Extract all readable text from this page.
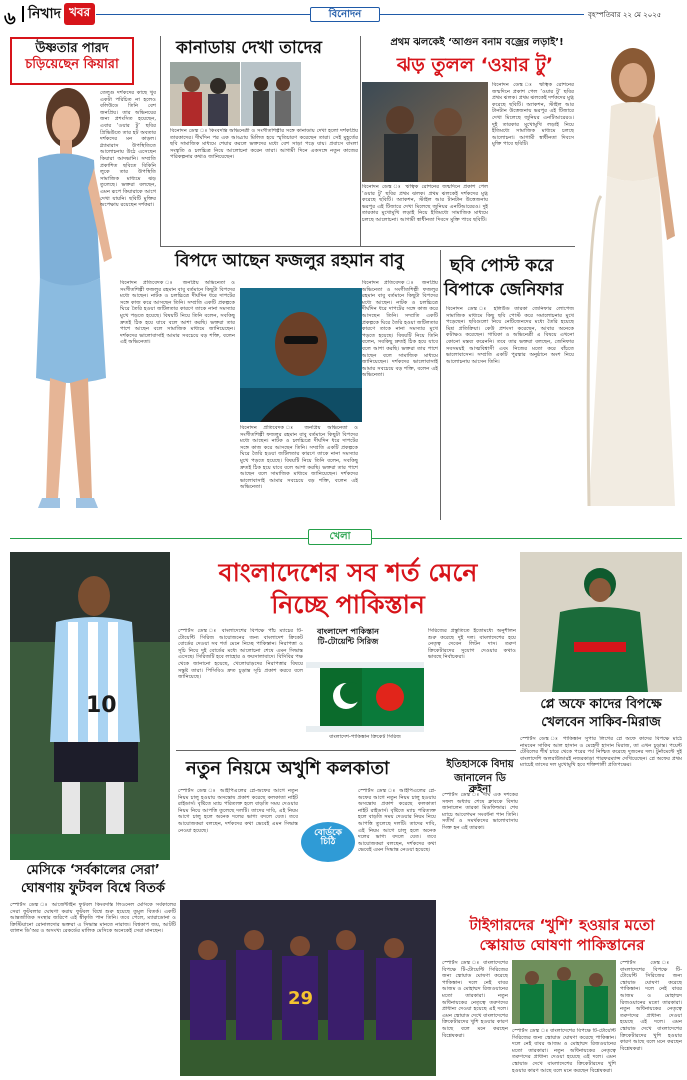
৬ নিখাদ খবর	বিনোদন	বৃহস্পতিবার ২২ মে ২০২৫
উষ্ণতার পারদ
চড়িয়েছেন কিয়ারা
তেলুগু দর্শকদের কাছে খুব একটা পরিচিত না হলেও বলিউডে তিনি বেশ জনপ্রিয়। তার অভিনয়ের জন্য প্রশংসিত হয়েছেন, এবার ‘ওয়ার টু’ ছবির প্রিভিউতে তার হট অবতার দর্শকদের মন কাড়ল। গ্ল্যামারাস উপস্থিতিতে আলোচনায় উঠে এসেছেন কিয়ারা আদভানি। সম্প্রতি প্রকাশিত ছবিতে বিকিনি লুকে তার উপস্থিতি সামাজিক মাধ্যমে ঝড় তুলেছে। ভক্তরা বলছেন, এমন রূপে কিয়ারাকে আগে দেখা যায়নি। ছবিটি মুক্তির অপেক্ষায় রয়েছেন দর্শকরা।
কানাডায় দেখা তাদের
বিনোদন ডেস্ক ঃ কিংবদন্তি অভিনেত্রী ও সংগীতশিল্পীর সঙ্গে কানাডায় দেখা হলো দর্শকপ্রিয় তারকাদের। দীর্ঘদিন পর এক আড্ডায় মিলিত হয়ে স্মৃতিচারণ করেছেন তারা। সেই মুহূর্তের ছবি সামাজিক মাধ্যমে শেয়ার করলে ভক্তদের মধ্যে বেশ সাড়া পড়ে যায়। প্রবাসে বাংলা সংস্কৃতি ও চলচ্চিত্র নিয়ে আলোচনা করেন তারা। আগামী দিনে একসঙ্গে নতুন কাজের পরিকল্পনার কথাও জানিয়েছেন।
প্রথম ঝলকেই ‘আগুন বনাম বজ্রের লড়াই’!
ঝড় তুলল ‘ওয়ার টু’
বিনোদন ডেস্ক ঃ ঋত্বিক রোশনের জন্মদিনে প্রকাশ পেল ‘ওয়ার টু’ ছবির প্রথম ঝলক। প্রথম ঝলকেই দর্শকদের মুগ্ধ করেছে ছবিটি। অ্যাকশন, স্টাইল আর টানটান উত্তেজনায় ভরপুর এই টিজারে দেখা মিলেছে জুনিয়র এনটিআরেরও। দুই তারকার মুখোমুখি লড়াই নিয়ে ইতিমধ্যে সামাজিক মাধ্যমে চলছে আলোচনা। আগামী স্বাধীনতা দিবসে মুক্তি পাবে ছবিটি।
বিনোদন ডেস্ক ঃ ঋত্বিক রোশনের জন্মদিনে প্রকাশ পেল ‘ওয়ার টু’ ছবির প্রথম ঝলক। প্রথম ঝলকেই দর্শকদের মুগ্ধ করেছে ছবিটি। অ্যাকশন, স্টাইল আর টানটান উত্তেজনায় ভরপুর এই টিজারে দেখা মিলেছে জুনিয়র এনটিআরেরও। দুই তারকার মুখোমুখি লড়াই নিয়ে ইতিমধ্যে সামাজিক মাধ্যমে চলছে আলোচনা। আগামী স্বাধীনতা দিবসে মুক্তি পাবে ছবিটি।
বিপদে আছেন ফজলুর রহমান বাবু
বিনোদন প্রতিবেদক ঃ জনপ্রিয় অভিনেতা ও সংগীতশিল্পী ফজলুর রহমান বাবু বর্তমানে কিছুটা বিপদের মধ্যে আছেন। নাটক ও চলচ্চিত্রে দীর্ঘদিন ধরে দাপটের সঙ্গে কাজ করে আসছেন তিনি। সম্প্রতি একটি প্রকল্পকে ঘিরে তৈরি হওয়া জটিলতার কারণে তাকে নানা সমস্যার মুখে পড়তে হয়েছে। বিষয়টি নিয়ে তিনি বলেন, সবকিছু দ্রুতই ঠিক হয়ে যাবে বলে আশা করছি। ভক্তরা তার পাশে আছেন বলে সামাজিক মাধ্যমে জানিয়েছেন। দর্শকদের ভালোবাসাই আমার সবচেয়ে বড় শক্তি, বলেন এই অভিনেতা।
বিনোদন প্রতিবেদক ঃ জনপ্রিয় অভিনেতা ও সংগীতশিল্পী ফজলুর রহমান বাবু বর্তমানে কিছুটা বিপদের মধ্যে আছেন। নাটক ও চলচ্চিত্রে দীর্ঘদিন ধরে দাপটের সঙ্গে কাজ করে আসছেন তিনি। সম্প্রতি একটি প্রকল্পকে ঘিরে তৈরি হওয়া জটিলতার কারণে তাকে নানা সমস্যার মুখে পড়তে হয়েছে। বিষয়টি নিয়ে তিনি বলেন, সবকিছু দ্রুতই ঠিক হয়ে যাবে বলে আশা করছি। ভক্তরা তার পাশে আছেন বলে সামাজিক মাধ্যমে জানিয়েছেন। দর্শকদের ভালোবাসাই আমার সবচেয়ে বড় শক্তি, বলেন এই অভিনেতা।
বিনোদন প্রতিবেদক ঃ জনপ্রিয় অভিনেতা ও সংগীতশিল্পী ফজলুর রহমান বাবু বর্তমানে কিছুটা বিপদের মধ্যে আছেন। নাটক ও চলচ্চিত্রে দীর্ঘদিন ধরে দাপটের সঙ্গে কাজ করে আসছেন তিনি। সম্প্রতি একটি প্রকল্পকে ঘিরে তৈরি হওয়া জটিলতার কারণে তাকে নানা সমস্যার মুখে পড়তে হয়েছে। বিষয়টি নিয়ে তিনি বলেন, সবকিছু দ্রুতই ঠিক হয়ে যাবে বলে আশা করছি। ভক্তরা তার পাশে আছেন বলে সামাজিক মাধ্যমে জানিয়েছেন। দর্শকদের ভালোবাসাই আমার সবচেয়ে বড় শক্তি, বলেন এই অভিনেতা।
ছবি পোস্ট করে
বিপাকে জেনিফার
বিনোদন ডেস্ক ঃ হলিউড তারকা জেনিফার লোপেজ সামাজিক মাধ্যমে কিছু ছবি পোস্ট করে সমালোচনার মুখে পড়েছেন। ছবিগুলো নিয়ে নেটিজেনদের মধ্যে তৈরি হয়েছে মিশ্র প্রতিক্রিয়া। কেউ প্রশংসা করেছেন, আবার অনেকে কটাক্ষও করেছেন। গায়িকা ও অভিনেত্রী এ বিষয়ে এখনো কোনো মন্তব্য করেননি। তবে তার ভক্তরা বলছেন, জেনিফার সবসময়ই আত্মবিশ্বাসী এবং নিজের মতো করে বাঁচতে ভালোবাসেন। সম্প্রতি একটি পুরস্কার অনুষ্ঠানে অংশ নিয়ে আলোচনায় আসেন তিনি।
খেলা
10
বাংলাদেশের সব শর্ত মেনে
নিচ্ছে পাকিস্তান
স্পোর্টস ডেস্ক ঃ বাংলাদেশের বিপক্ষে পাঁচ ম্যাচের টি-টোয়েন্টি সিরিজ আয়োজনের জন্য বাংলাদেশ ক্রিকেট বোর্ডের দেওয়া সব শর্ত মেনে নিচ্ছে পাকিস্তান। নিরাপত্তা ও সূচি নিয়ে দুই বোর্ডের মধ্যে আলোচনা শেষে এমন সিদ্ধান্ত এসেছে। সিরিজটি হবে লাহোর ও ফয়সালাবাদে। বিসিবির পক্ষ থেকে জানানো হয়েছে, খেলোয়াড়দের নিরাপত্তার বিষয়ে সন্তুষ্ট তারা। পিসিবিও দ্রুত চূড়ান্ত সূচি প্রকাশ করবে বলে জানিয়েছে।
বাংলাদেশ পাকিস্তান
টি-টোয়েন্টি সিরিজ
বাংলাদেশ-পাকিস্তান ক্রিকেট সিরিজ
সিরিজের প্রস্তুতিতে ইতোমধ্যে অনুশীলন শুরু করেছে দুই দল। বাংলাদেশের হয়ে নেতৃত্ব দেবেন লিটন দাস। তরুণ ক্রিকেটারদের সুযোগ দেওয়ার কথাও ভাবছে নির্বাচকরা।
প্লে অফে কাদের বিপক্ষে
খেলবেন সাকিব-মিরাজ
স্পোর্টস ডেস্ক ঃ পাকিস্তান সুপার লিগের প্লে অফে কাদের বিপক্ষে মাঠে নামবেন সাকিব আল হাসান ও মেহেদী হাসান মিরাজ, তা এখন চূড়ান্ত। পয়েন্ট টেবিলের শীর্ষ চারে থেকে পরের পর্ব নিশ্চিত করেছে দুজনের দল। টুর্নামেন্টে দুই বাংলাদেশি অলরাউন্ডারই নজরকাড়া পারফরম্যান্স দেখিয়েছেন। প্লে অফের প্রথম ম্যাচেই তাদের দল মুখোমুখি হবে শক্তিশালী প্রতিপক্ষের।
নতুন নিয়মে অখুশি কলকাতা
স্পোর্টস ডেস্ক ঃ আইপিএলের প্লে-অফের আগে নতুন নিয়ম চালু হওয়ায় অসন্তোষ প্রকাশ করেছে কলকাতা নাইট রাইডার্স। বৃষ্টিতে ম্যাচ পরিত্যক্ত হলে বাড়তি সময় দেওয়ার নিয়ম নিয়ে আপত্তি তুলেছে দলটি। তাদের দাবি, এই নিয়ম আগে চালু হলে অনেক দলের ভাগ্য বদলে যেত। তবে আয়োজকরা বলছেন, দর্শকদের কথা ভেবেই এমন সিদ্ধান্ত নেওয়া হয়েছে।	বোর্ডকে
চিঠি
স্পোর্টস ডেস্ক ঃ আইপিএলের প্লে-অফের আগে নতুন নিয়ম চালু হওয়ায় অসন্তোষ প্রকাশ করেছে কলকাতা নাইট রাইডার্স। বৃষ্টিতে ম্যাচ পরিত্যক্ত হলে বাড়তি সময় দেওয়ার নিয়ম নিয়ে আপত্তি তুলেছে দলটি। তাদের দাবি, এই নিয়ম আগে চালু হলে অনেক দলের ভাগ্য বদলে যেত। তবে আয়োজকরা বলছেন, দর্শকদের কথা ভেবেই এমন সিদ্ধান্ত নেওয়া হয়েছে।
ইতিহাসকে বিদায়
জানালেন ডি ব্রুইনা
স্পোর্টস ডেস্ক ঃ দীর্ঘ এক দশকের সফল অধ্যায় শেষে ক্লাবকে বিদায় জানালেন তারকা মিডফিল্ডার। শেষ ম্যাচে আবেগঘন সংবর্ধনা পান তিনি। সতীর্থ ও সমর্থকদের ভালোবাসায় সিক্ত হন এই তারকা।
মেসিকে ‘সর্বকালের সেরা’
ঘোষণায় ফুটবল বিশ্বে বিতর্ক
স্পোর্টস ডেস্ক ঃ আর্জেন্টাইন ফুটবল কিংবদন্তি লিওনেল মেসিকে সর্বকালের সেরা ফুটবলার ঘোষণা করায় ফুটবল বিশ্বে শুরু হয়েছে তুমুল বিতর্ক। একটি আন্তর্জাতিক সংস্থার জরিপে এই স্বীকৃতি পান তিনি। তবে পেলে, ম্যারাডোনা ও ক্রিস্টিয়ানো রোনালদোর ভক্তরা এ সিদ্ধান্ত মানতে নারাজ। বিশ্বকাপ জয়, আটটি ব্যালন ডি’অর ও অসংখ্য রেকর্ডের মালিক মেসিকে অনেকেই সেরা মানছেন।
29
টাইগারদের ‘খুশি’ হওয়ার মতো
স্কোয়াড ঘোষণা পাকিস্তানের
স্পোর্টস ডেস্ক ঃ বাংলাদেশের বিপক্ষে টি-টোয়েন্টি সিরিজের জন্য স্কোয়াড ঘোষণা করেছে পাকিস্তান। দলে নেই বাবর আজম ও মোহাম্মদ রিজওয়ানের মতো তারকারা। নতুন অধিনায়কের নেতৃত্বে তরুণদের প্রাধান্য দেওয়া হয়েছে এই দলে। এমন স্কোয়াড দেখে বাংলাদেশের ক্রিকেটারদের খুশি হওয়ার কারণ আছে বলে মনে করছেন বিশ্লেষকরা।
স্পোর্টস ডেস্ক ঃ বাংলাদেশের বিপক্ষে টি-টোয়েন্টি সিরিজের জন্য স্কোয়াড ঘোষণা করেছে পাকিস্তান। দলে নেই বাবর আজম ও মোহাম্মদ রিজওয়ানের মতো তারকারা। নতুন অধিনায়কের নেতৃত্বে তরুণদের প্রাধান্য দেওয়া হয়েছে এই দলে। এমন স্কোয়াড দেখে বাংলাদেশের ক্রিকেটারদের খুশি হওয়ার কারণ আছে বলে মনে করছেন বিশ্লেষকরা।
স্পোর্টস ডেস্ক ঃ বাংলাদেশের বিপক্ষে টি-টোয়েন্টি সিরিজের জন্য স্কোয়াড ঘোষণা করেছে পাকিস্তান। দলে নেই বাবর আজম ও মোহাম্মদ রিজওয়ানের মতো তারকারা। নতুন অধিনায়কের নেতৃত্বে তরুণদের প্রাধান্য দেওয়া হয়েছে এই দলে। এমন স্কোয়াড দেখে বাংলাদেশের ক্রিকেটারদের খুশি হওয়ার কারণ আছে বলে মনে করছেন বিশ্লেষকরা।
